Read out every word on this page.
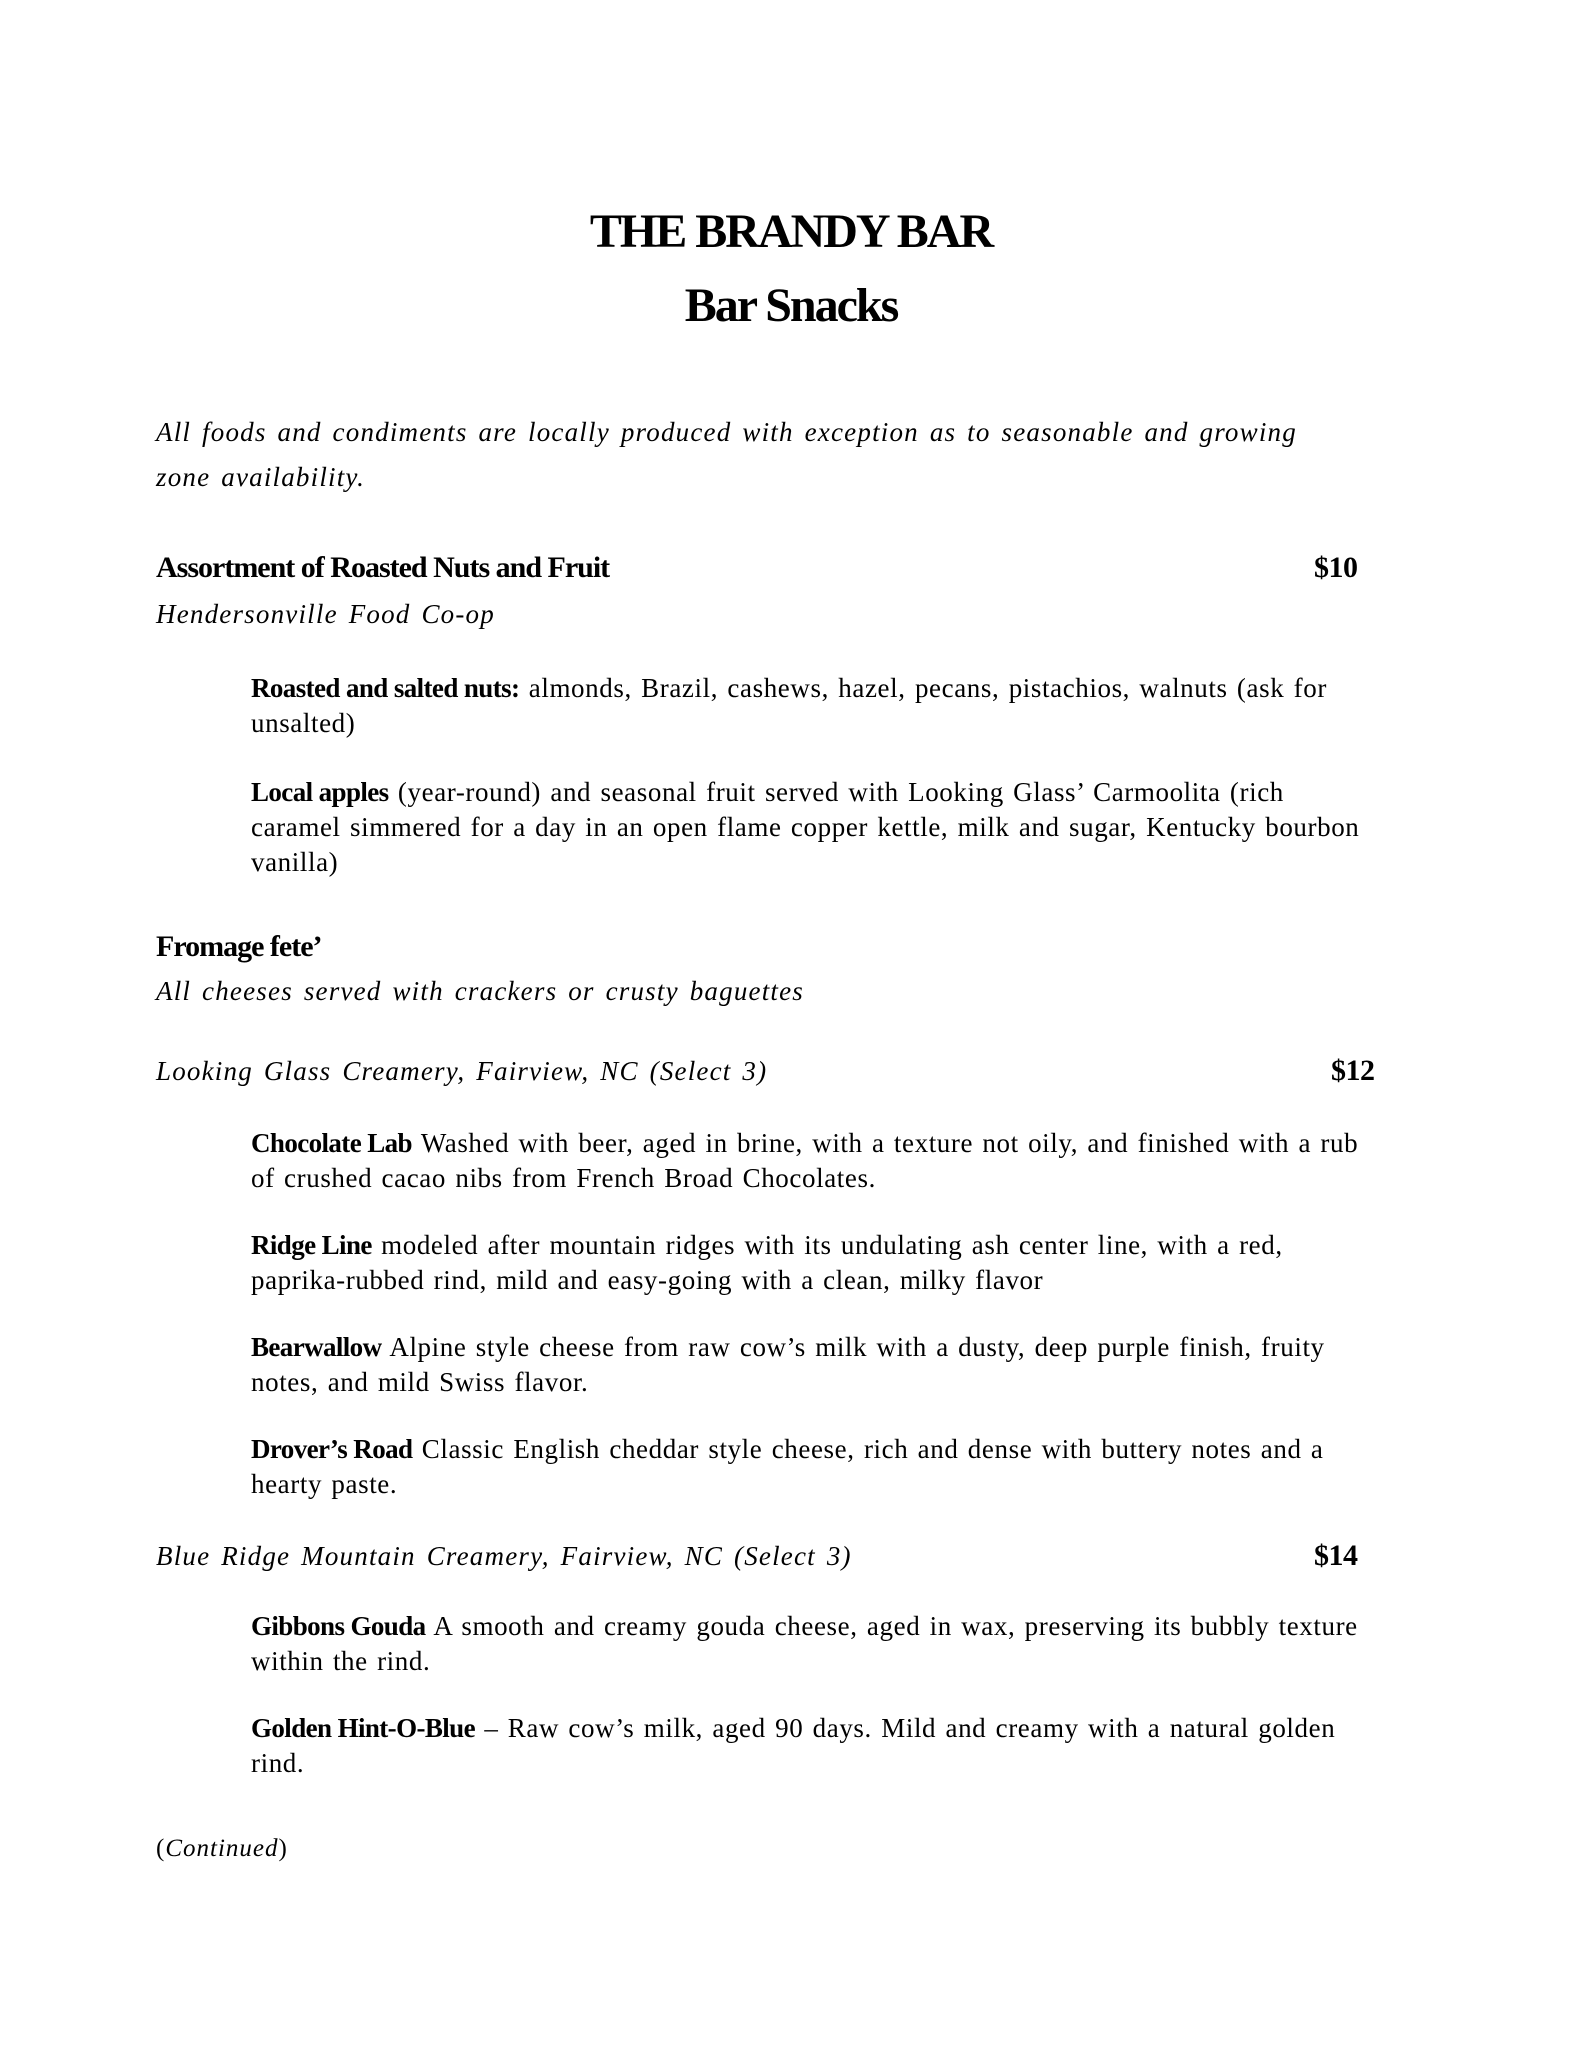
THE BRANDY BAR
Bar Snacks
All foods and condiments are locally produced with exception as to seasonable and growing zone availability.
Assortment of Roasted Nuts and Fruit	$10
Hendersonville Food Co-op
Roasted and salted nuts: almonds, Brazil, cashews, hazel, pecans, pistachios, walnuts (ask for unsalted)
Local apples (year-round) and seasonal fruit served with Looking Glass’ Carmoolita (rich caramel simmered for a day in an open flame copper kettle, milk and sugar, Kentucky bourbon vanilla)
Fromage fete’
All cheeses served with crackers or crusty baguettes
Looking Glass Creamery, Fairview, NC (Select 3)	$12
Chocolate Lab Washed with beer, aged in brine, with a texture not oily, and finished with a rub of crushed cacao nibs from French Broad Chocolates.
Ridge Line modeled after mountain ridges with its undulating ash center line, with a red, paprika-rubbed rind, mild and easy-going with a clean, milky flavor
Bearwallow Alpine style cheese from raw cow’s milk with a dusty, deep purple finish, fruity notes, and mild Swiss flavor.
Drover’s Road Classic English cheddar style cheese, rich and dense with buttery notes and a hearty paste.
Blue Ridge Mountain Creamery, Fairview, NC (Select 3)	$14
Gibbons Gouda A smooth and creamy gouda cheese, aged in wax, preserving its bubbly texture within the rind.
Golden Hint-O-Blue – Raw cow’s milk, aged 90 days. Mild and creamy with a natural golden rind.
(Continued)
